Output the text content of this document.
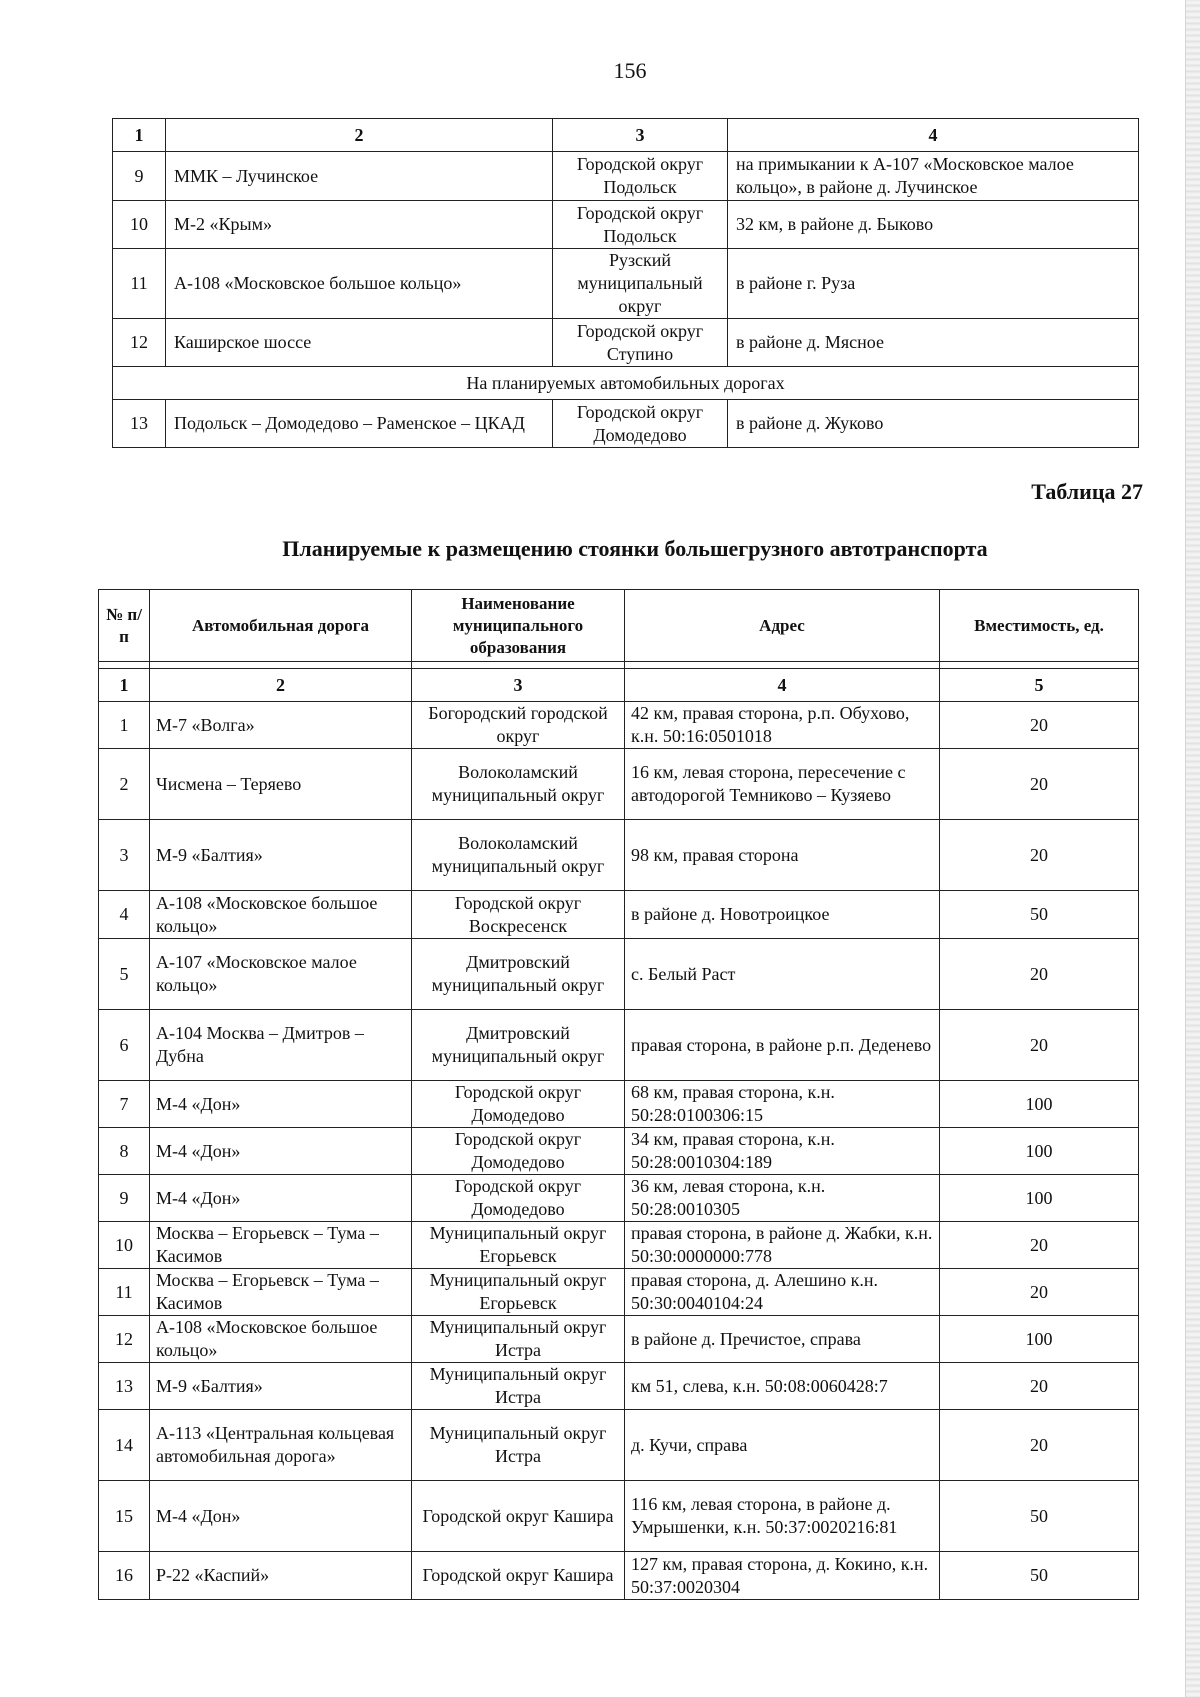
156
1	2	3	4
9	ММК – Лучинское	Городской округ Подольск	на примыкании к А-107 «Московское малое кольцо», в районе д. Лучинское
10	М-2 «Крым»	Городской округ Подольск	32 км, в районе д. Быково
11	А-108 «Московское большое кольцо»	Рузский муниципальный округ	в районе г. Руза
12	Каширское шоссе	Городской округ Ступино	в районе д. Мясное
На планируемых автомобильных дорогах			
13	Подольск – Домодедово – Раменское – ЦКАД	Городской округ Домодедово	в районе д. Жуково
Таблица 27
Планируемые к размещению стоянки большегрузного автотранспорта
№ п/п	Автомобильная дорога	Наименование муниципального образования	Адрес	Вместимость, ед.

1	2	3	4	5
1	М-7 «Волга»	Богородский городской округ	42 км, правая сторона, р.п. Обухово, к.н. 50:16:0501018	20
2	Чисмена – Теряево	Волоколамский муниципальный округ	16 км, левая сторона, пересечение с автодорогой Темниково – Кузяево	20
3	М-9 «Балтия»	Волоколамский муниципальный округ	98 км, правая сторона	20
4	А-108 «Московское большое кольцо»	Городской округ Воскресенск	в районе д. Новотроицкое	50
5	А-107 «Московское малое кольцо»	Дмитровский муниципальный округ	с. Белый Раст	20
6	А-104 Москва – Дмитров – Дубна	Дмитровский муниципальный округ	правая сторона, в районе р.п. Деденево	20
7	М-4 «Дон»	Городской округ Домодедово	68 км, правая сторона, к.н. 50:28:0100306:15	100
8	М-4 «Дон»	Городской округ Домодедово	34 км, правая сторона, к.н. 50:28:0010304:189	100
9	М-4 «Дон»	Городской округ Домодедово	36 км, левая сторона, к.н. 50:28:0010305	100
10	Москва – Егорьевск – Тума – Касимов	Муниципальный округ Егорьевск	правая сторона, в районе д. Жабки, к.н. 50:30:0000000:778	20
11	Москва – Егорьевск – Тума – Касимов	Муниципальный округ Егорьевск	правая сторона, д. Алешино к.н. 50:30:0040104:24	20
12	А-108 «Московское большое кольцо»	Муниципальный округ Истра	в районе д. Пречистое, справа	100
13	М-9 «Балтия»	Муниципальный округ Истра	км 51, слева, к.н. 50:08:0060428:7	20
14	А-113 «Центральная кольцевая автомобильная дорога»	Муниципальный округ Истра	д. Кучи, справа	20
15	М-4 «Дон»	Городской округ Кашира	116 км, левая сторона, в районе д. Умрышенки, к.н. 50:37:0020216:81	50
16	Р-22 «Каспий»	Городской округ Кашира	127 км, правая сторона, д. Кокино, к.н. 50:37:0020304	50
